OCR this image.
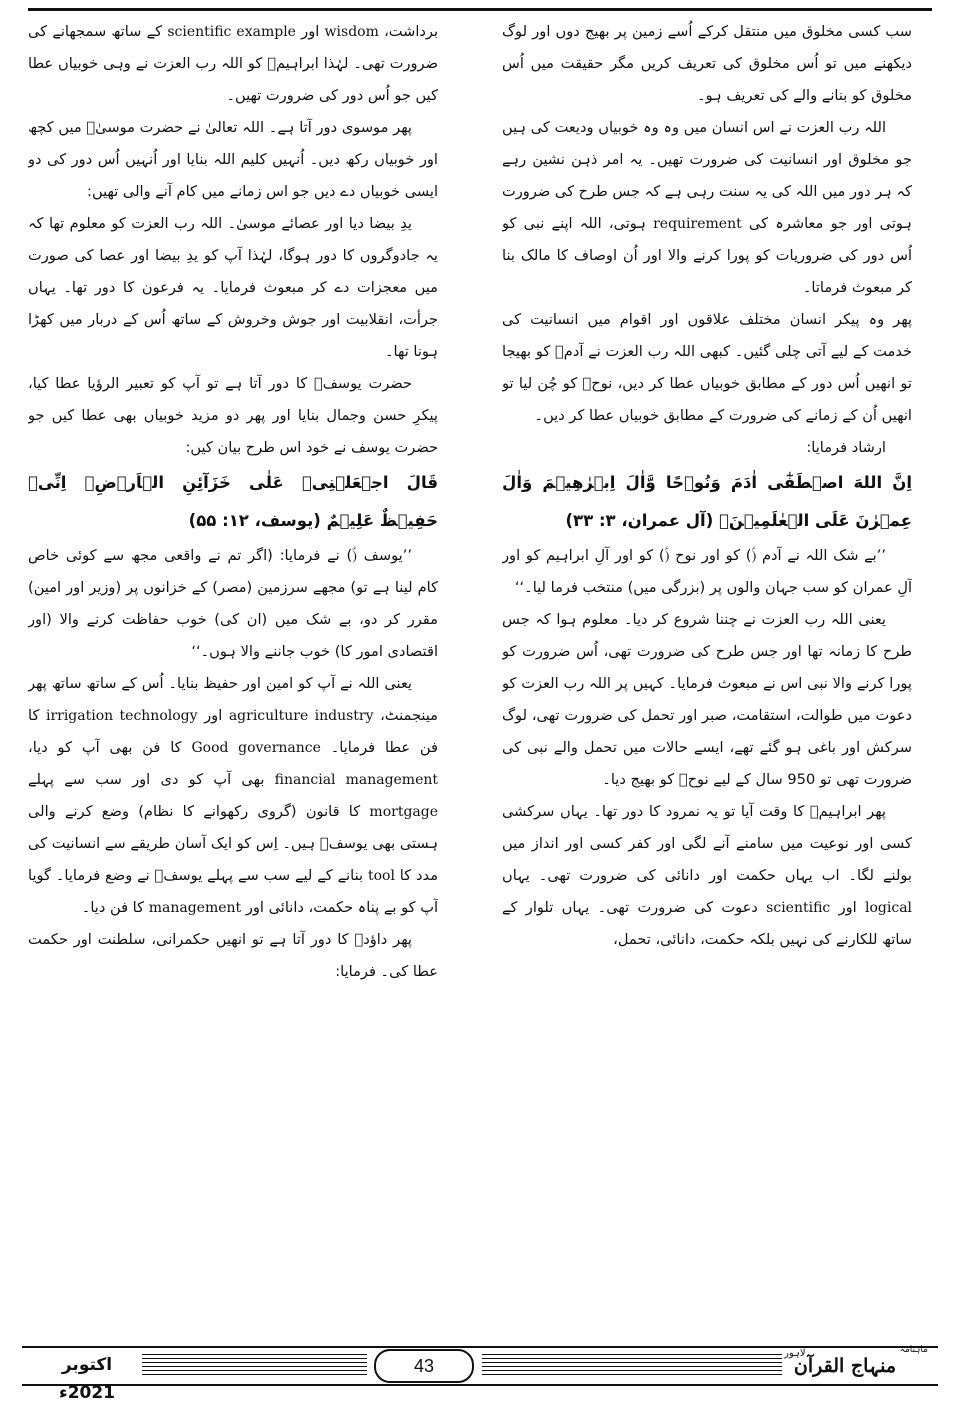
سب کسی مخلوق میں منتقل کرکے اُسے زمین پر بھیج دوں اور لوگ دیکھنے میں تو اُس مخلوق کی تعریف کریں مگر حقیقت میں اُس مخلوق کو بنانے والے کی تعریف ہو۔

اللہ رب العزت نے اس انسان میں وہ وہ خوبیاں ودیعت کی ہیں جو مخلوق اور انسانیت کی ضرورت تھیں۔ یہ امر ذہن نشین رہے کہ ہر دور میں اللہ کی یہ سنت رہی ہے کہ جس طرح کی ضرورت ہوتی اور جو معاشرہ کی requirement ہوتی، اللہ اپنے نبی کو اُس دور کی ضروریات کو پورا کرنے والا اور اُن اوصاف کا مالک بنا کر مبعوث فرماتا۔

پھر وہ پیکر انسان مختلف علاقوں اور اقوام میں انسانیت کی خدمت کے لیے آتی چلی گئیں۔ کبھی اللہ رب العزت نے آدمؑ کو بھیجا تو انھیں اُس دور کے مطابق خوبیاں عطا کر دیں، نوحؑ کو چُن لیا تو انھیں اُن کے زمانے کی ضرورت کے مطابق خوبیاں عطا کر دیں۔

ارشاد فرمایا:

اِنَّ اللهَ اصۡطَفٰٓى اٰدَمَ وَنُوۡحًا وَّاٰلَ اِبۡرٰهِيۡمَ وَاٰلَ عِمۡرٰنَ عَلَى الۡعٰلَمِيۡنَۙ (آل عمران، ۳: ۳۳)

’’بے شک اللہ نے آدم (ؑ) کو اور نوح (ؑ) کو اور آلِ ابراہیم کو اور آلِ عمران کو سب جہان والوں پر (بزرگی میں) منتخب فرما لیا۔‘‘

یعنی اللہ رب العزت نے چننا شروع کر دیا۔ معلوم ہوا کہ جس طرح کا زمانہ تھا اور جس طرح کی ضرورت تھی، اُس ضرورت کو پورا کرنے والا نبی اس نے مبعوث فرمایا۔ کہیں پر اللہ رب العزت کو دعوت میں طوالت، استقامت، صبر اور تحمل کی ضرورت تھی، لوگ سرکش اور باغی ہو گئے تھے، ایسے حالات میں تحمل والے نبی کی ضرورت تھی تو 950 سال کے لیے نوحؑ کو بھیج دیا۔

پھر ابراہیمؑ کا وقت آیا تو یہ نمرود کا دور تھا۔ یہاں سرکشی کسی اور نوعیت میں سامنے آنے لگی اور کفر کسی اور انداز میں بولنے لگا۔ اب یہاں حکمت اور دانائی کی ضرورت تھی۔ یہاں logical اور scientific دعوت کی ضرورت تھی۔ یہاں تلوار کے ساتھ للکارنے کی نہیں بلکہ حکمت، دانائی، تحمل،

برداشت، wisdom اور scientific example کے ساتھ سمجھانے کی ضرورت تھی۔ لہٰذا ابراہیمؑ کو اللہ رب العزت نے وہی خوبیاں عطا کیں جو اُس دور کی ضرورت تھیں۔

پھر موسوی دور آتا ہے۔ اللہ تعالیٰ نے حضرت موسیٰؑ میں کچھ اور خوبیاں رکھ دیں۔ اُنہیں کلیم اللہ بنایا اور اُنہیں اُس دور کی دو ایسی خوبیاں دے دیں جو اس زمانے میں کام آنے والی تھیں:

یدِ بیضا دیا اور عصائے موسیٰ۔ اللہ رب العزت کو معلوم تھا کہ یہ جادوگروں کا دور ہوگا، لہٰذا آپ کو یدِ بیضا اور عصا کی صورت میں معجزات دے کر مبعوث فرمایا۔ یہ فرعون کا دور تھا۔ یہاں جرأت، انقلابیت اور جوش وخروش کے ساتھ اُس کے دربار میں کھڑا ہونا تھا۔

حضرت یوسفؑ کا دور آتا ہے تو آپ کو تعبیر الرؤیا عطا کیا، پیکرِ حسن وجمال بنایا اور پھر دو مزید خوبیاں بھی عطا کیں جو حضرت یوسف نے خود اس طرح بیان کیں:

قَالَ اجۡعَلۡنِىۡ عَلٰى خَزَآئِنِ الۡاَرۡضِ​ۚ اِنِّىۡ حَفِيۡظٌ عَلِيۡمٌ‏ (یوسف، ۱۲: ۵۵)

’’یوسف (ؑ) نے فرمایا: (اگر تم نے واقعی مجھ سے کوئی خاص کام لینا ہے تو) مجھے سرزمین (مصر) کے خزانوں پر (وزیر اور امین) مقرر کر دو، بے شک میں (ان کی) خوب حفاظت کرنے والا (اور اقتصادی امور کا) خوب جاننے والا ہوں۔‘‘

یعنی اللہ نے آپ کو امین اور حفیظ بنایا۔ اُس کے ساتھ ساتھ پھر مینجمنٹ، agriculture industry اور irrigation technology کا فن عطا فرمایا۔ Good governance کا فن بھی آپ کو دیا، financial management بھی آپ کو دی اور سب سے پہلے mortgage کا قانون (گروی رکھوانے کا نظام) وضع کرنے والی ہستی بھی یوسفؑ ہیں۔ اِس کو ایک آسان طریقے سے انسانیت کی مدد کا tool بنانے کے لیے سب سے پہلے یوسفؑ نے وضع فرمایا۔ گویا آپ کو بے پناہ حکمت، دانائی اور management کا فن دیا۔

پھر داؤدؑ کا دور آتا ہے تو انھیں حکمرانی، سلطنت اور حکمت عطا کی۔ فرمایا:

اکتوبر 2021ء
43
ماہنامہ
منہاج القرآن
لاہور
